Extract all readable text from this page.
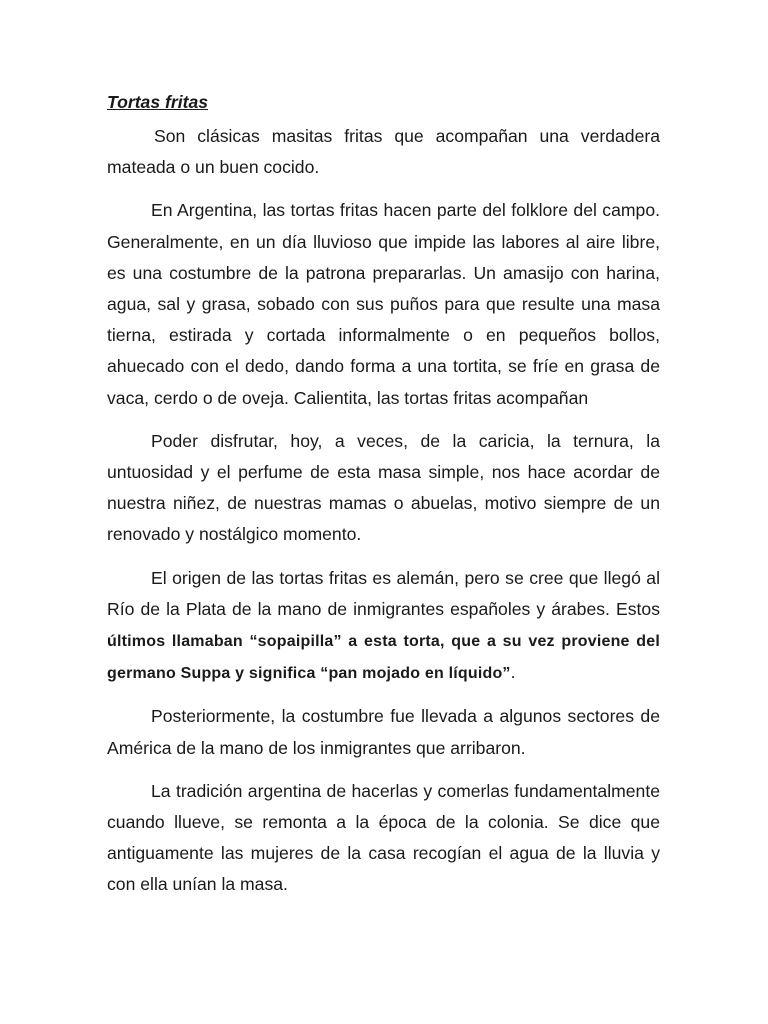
Tortas fritas

Son clásicas masitas fritas que acompañan una verdadera mateada o un buen cocido.

En Argentina, las tortas fritas hacen parte del folklore del campo. Generalmente, en un día lluvioso que impide las labores al aire libre, es una costumbre de la patrona prepararlas. Un amasijo con harina, agua, sal y grasa, sobado con sus puños para que resulte una masa tierna, estirada y cortada informalmente o en pequeños bollos, ahuecado con el dedo, dando forma a una tortita, se fríe en grasa de vaca, cerdo o de oveja. Calientita, las tortas fritas acompañan

Poder disfrutar, hoy, a veces, de la caricia, la ternura, la untuosidad y el perfume de esta masa simple, nos hace acordar de nuestra niñez, de nuestras mamas o abuelas, motivo siempre de un renovado y nostálgico momento.

El origen de las tortas fritas es alemán, pero se cree que llegó al Río de la Plata de la mano de inmigrantes españoles y árabes. Estos últimos llamaban “sopaipilla” a esta torta, que a su vez proviene del germano Suppa y significa “pan mojado en líquido”.

Posteriormente, la costumbre fue llevada a algunos sectores de América de la mano de los inmigrantes que arribaron.

La tradición argentina de hacerlas y comerlas fundamentalmente cuando llueve, se remonta a la época de la colonia. Se dice que antiguamente las mujeres de la casa recogían el agua de la lluvia y con ella unían la masa.
